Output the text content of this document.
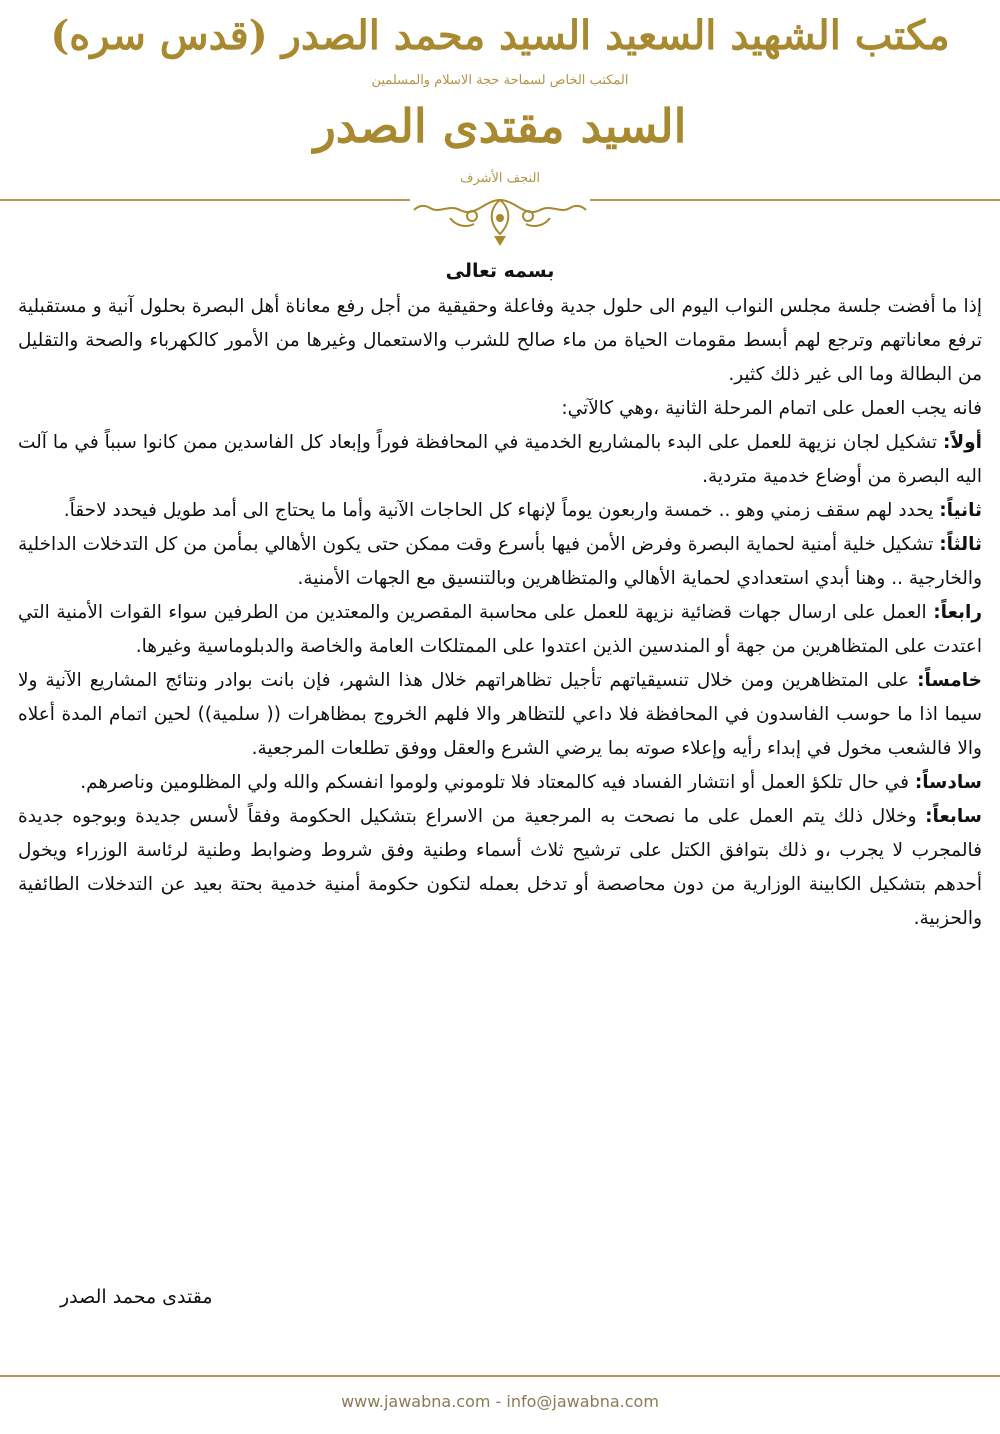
مكتب الشهيد السعيد السيد محمد الصدر (قدس سره)
المكتب الخاص لسماحة حجة الاسلام والمسلمين
السيد مقتدى الصدر
النجف الأشرف
بسمه تعالى

إذا ما أفضت جلسة مجلس النواب اليوم الى حلول جدية وفاعلة وحقيقية من أجل رفع معاناة أهل البصرة بحلول آنية و مستقبلية ترفع معاناتهم وترجع لهم أبسط مقومات الحياة من ماء صالح للشرب والاستعمال وغيرها من الأمور كالكهرباء والصحة والتقليل من البطالة وما الى غير ذلك كثير.

فانه يجب العمل على اتمام المرحلة الثانية ،وهي كالآتي:

أولاً: تشكيل لجان نزيهة للعمل على البدء بالمشاريع الخدمية في المحافظة فوراً وإبعاد كل الفاسدين ممن كانوا سبباً في ما آلت اليه البصرة من أوضاع خدمية متردية.

ثانياً: يحدد لهم سقف زمني وهو .. خمسة واربعون يوماً لإنهاء كل الحاجات الآنية وأما ما يحتاج الى أمد طويل فيحدد لاحقاً.

ثالثاً: تشكيل خلية أمنية لحماية البصرة وفرض الأمن فيها بأسرع وقت ممكن حتى يكون الأهالي بمأمن من كل التدخلات الداخلية والخارجية .. وهنا أبدي استعدادي لحماية الأهالي والمتظاهرين وبالتنسيق مع الجهات الأمنية.

رابعاً: العمل على ارسال جهات قضائية نزيهة للعمل على محاسبة المقصرين والمعتدين من الطرفين سواء القوات الأمنية التي اعتدت على المتظاهرين من جهة أو المندسين الذين اعتدوا على الممتلكات العامة والخاصة والدبلوماسية وغيرها.

خامساً: على المتظاهرين ومن خلال تنسيقياتهم تأجيل تظاهراتهم خلال هذا الشهر، فإن بانت بوادر ونتائج المشاريع الآنية ولا سيما اذا ما حوسب الفاسدون في المحافظة فلا داعي للتظاهر والا فلهم الخروج بمظاهرات (( سلمية)) لحين اتمام المدة أعلاه والا فالشعب مخول في إبداء رأيه وإعلاء صوته بما يرضي الشرع والعقل ووفق تطلعات المرجعية.

سادساً: في حال تلكؤ العمل أو انتشار الفساد فيه كالمعتاد فلا تلوموني ولوموا انفسكم والله ولي المظلومين وناصرهم.

سابعاً: وخلال ذلك يتم العمل على ما نصحت به المرجعية من الاسراع بتشكيل الحكومة وفقاً لأسس جديدة وبوجوه جديدة فالمجرب لا يجرب ،و ذلك بتوافق الكتل على ترشيح ثلاث أسماء وطنية وفق شروط وضوابط وطنية لرئاسة الوزراء ويخول أحدهم بتشكيل الكابينة الوزارية من دون محاصصة أو تدخل بعمله لتكون حكومة أمنية خدمية بحتة بعيد عن التدخلات الطائفية والحزبية.

مقتدى محمد الصدر
www.jawabna.com - info@jawabna.com
